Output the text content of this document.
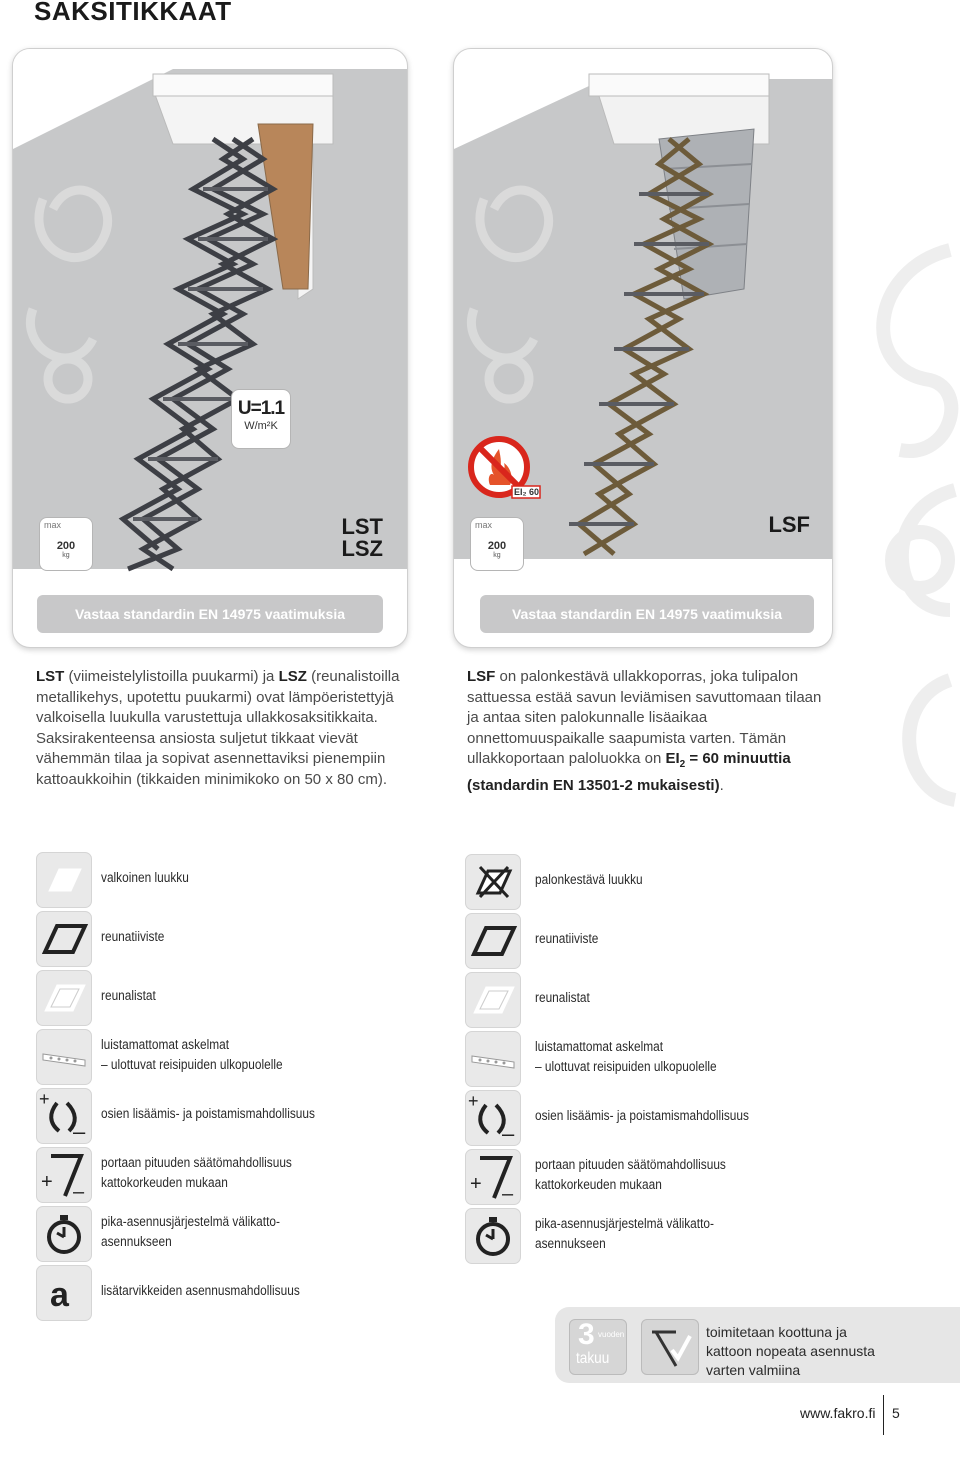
SAKSITIKKAAT
U=1.1
W/m²K
max
200
kg
LST
LSZ
Vastaa standardin EN 14975 vaatimuksia
EI₂ 60
max
200
kg
LSF
Vastaa standardin EN 14975 vaatimuksia
LST (viimeistelylistoilla puukarmi) ja LSZ (reunalistoilla metallikehys, upotettu puukarmi) ovat lämpöeristettyjä valkoisella luukulla varustettuja ullakkosaksitikkaita. Saksirakenteensa ansiosta suljetut tikkaat vievät vähemmän tilaa ja sopivat asennettaviksi pienempiin kattoaukkoihin (tikkaiden minimikoko on 50 x 80 cm).
LSF on palonkestävä ullakkoporras, joka tulipalon sattuessa estää savun leviämisen savuttomaan tilaan ja antaa siten palokunnalle lisäaikaa onnettomuuspaikalle saapumista varten. Tämän ullakkoportaan paloluokka on $EI_2 = 60$ minuuttia (standardin EN 13501-2 mukaisesti).
valkoinen luukku
reunatiiviste
reunalistat
luistamattomat askelmat
– ulottuvat reisipuiden ulkopuolelle
+
–
osien lisäämis- ja poistamismahdollisuus
+ –
portaan pituuden säätömahdollisuus
kattokorkeuden mukaan
pika-asennusjärjestelmä välikatto-
asennukseen
a lisätarvikkeiden asennusmahdollisuus
palonkestävä luukku
reunatiiviste
reunalistat
luistamattomat askelmat
– ulottuvat reisipuiden ulkopuolelle
+
–
osien lisäämis- ja poistamismahdollisuus
+ –
portaan pituuden säätömahdollisuus
kattokorkeuden mukaan
pika-asennusjärjestelmä välikatto-
asennukseen
3 vuoden
takuu
toimitetaan koottuna ja
kattoon nopeata asennusta
varten valmiina
www.fakro.fi 5
